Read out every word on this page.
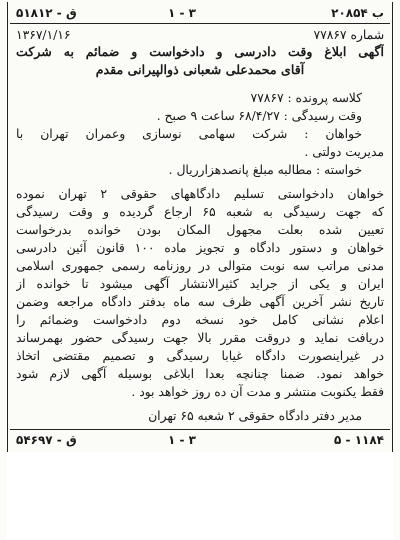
ب ۲۰۸۵۴
۳ - ۱
ق - ۵۱۸۱۲
شماره ۷۷۸۶۷
۱۳۶۷/۱/۱۶
آگهی ابلاغ وقت دادرسی و دادخواست و ضمائم به شرکت
آقای محمدعلی شعبانی ذوالپیرانی مقدم
کلاسه پرونده : ۷۷۸۶۷
وقت رسیدگی : ۶۸/۴/۲۷ ساعت ۹ صبح .
خواهان : شرکت سهامی نوسازی وعمران تهران با
مدیریت دولتی .
خواسته : مطالبه مبلغ پانصدهزارریال .
خواهان دادخواستی تسلیم دادگاههای حقوقی ۲ تهران نموده
که جهت رسیدگی به شعبه ۶۵ ارجاع گردیده و وقت رسیدگی
تعیین شده بعلت مجهول المکان بودن خوانده بدرخواست
خواهان و دستور دادگاه و تجویز ماده ۱۰۰ قانون آئین دادرسی
مدنی مراتب سه نوبت متوالی در روزنامه رسمی جمهوری اسلامی
ایران و یکی از جراید کثیرالانتشار آگهی میشود تا خوانده از
تاریخ نشر آخرین آگهی ظرف سه ماه بدفتر دادگاه مراجعه وضمن
اعلام نشانی کامل خود نسخه دوم دادخواست وضمائم را
دریافت نماید و دروقت مقرر بالا جهت رسیدگی حضور بهمرساند
در غیراینصورت دادگاه غیابا رسیدگی و تصمیم مقتضی اتخاذ
خواهد نمود. ضمنا چنانچه بعدا ابلاغی بوسیله آگهی لازم شود
فقط یکنوبت منتشر و مدت آن ده روز خواهد بود .
مدیر دفتر دادگاه حقوقی ۲ شعبه ۶۵ تهران
۱۱۸۴ - ۵
۳ - ۱
ق - ۵۴۶۹۷
